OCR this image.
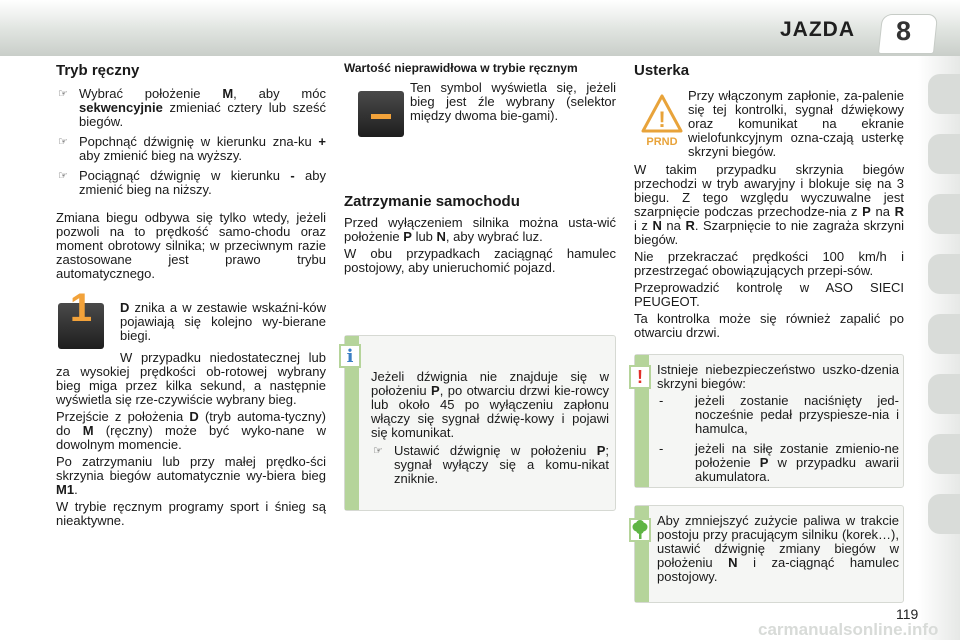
JAZDA 8
Tryb ręczny
☞ Wybrać położenie M, aby móc sekwencyjnie zmieniać cztery lub sześć biegów.
☞ Popchnąć dźwignię w kierunku zna-ku + aby zmienić bieg na wyższy.
☞ Pociągnąć dźwignię w kierunku - aby zmienić bieg na niższy.

Zmiana biegu odbywa się tylko wtedy, jeżeli pozwoli na to prędkość samo-chodu oraz moment obrotowy silnika; w przeciwnym razie zastosowane jest prawo trybu automatycznego.

1	D znika a w zestawie wskaźni-ków pojawiają się kolejno wy-bierane biegi.

W przypadku niedostatecznej lub za wysokiej prędkości ob-rotowej wybrany bieg miga przez kilka sekund, a następnie wyświetla się rze-czywiście wybrany bieg.

Przejście z położenia D (tryb automa-tyczny) do M (ręczny) może być wyko-nane w dowolnym momencie.

Po zatrzymaniu lub przy małej prędko-ści skrzynia biegów automatycznie wy-biera bieg M1.

W trybie ręcznym programy sport i śnieg są nieaktywne.

Wartość nieprawidłowa w trybie ręcznym

Ten symbol wyświetla się, jeżeli bieg jest źle wybrany (selektor między dwoma bie-gami).

Zatrzymanie samochodu

Przed wyłączeniem silnika można usta-wić położenie P lub N, aby wybrać luz.

W obu przypadkach zaciągnąć hamulec postojowy, aby unieruchomić pojazd.

i

Jeżeli dźwignia nie znajduje się w położeniu P, po otwarciu drzwi kie-rowcy lub około 45 po wyłączeniu zapłonu włączy się sygnał dźwię-kowy i pojawi się komunikat.

☞ Ustawić dźwignię w położeniu P; sygnał wyłączy się a komu-nikat zniknie.
Usterka
!
PRND

Przy włączonym zapłonie, za-palenie się tej kontrolki, sygnał dźwiękowy oraz komunikat na ekranie wielofunkcyjnym ozna-czają usterkę skrzyni biegów.

W takim przypadku skrzynia biegów przechodzi w tryb awaryjny i blokuje się na 3 biegu. Z tego względu wyczuwalne jest szarpnięcie podczas przechodze-nia z P na R i z N na R. Szarpnięcie to nie zagraża skrzyni biegów.

Nie przekraczać prędkości 100 km/h i przestrzegać obowiązujących przepi-sów.

Przeprowadzić kontrolę w ASO SIECI PEUGEOT.

Ta kontrolka może się również zapalić po otwarciu drzwi.

! Istnieje niebezpieczeństwo uszko-dzenia skrzyni biegów:

- jeżeli zostanie naciśnięty jed-nocześnie pedał przyspiesze-nia i hamulca,
- jeżeli na siłę zostanie zmienio-ne położenie P w przypadku awarii akumulatora.

Aby zmniejszyć zużycie paliwa w trakcie postoju przy pracującym silniku (korek…), ustawić dźwignię zmiany biegów w położeniu N i za-ciągnąć hamulec postojowy.

119
carmanualsonline.info
